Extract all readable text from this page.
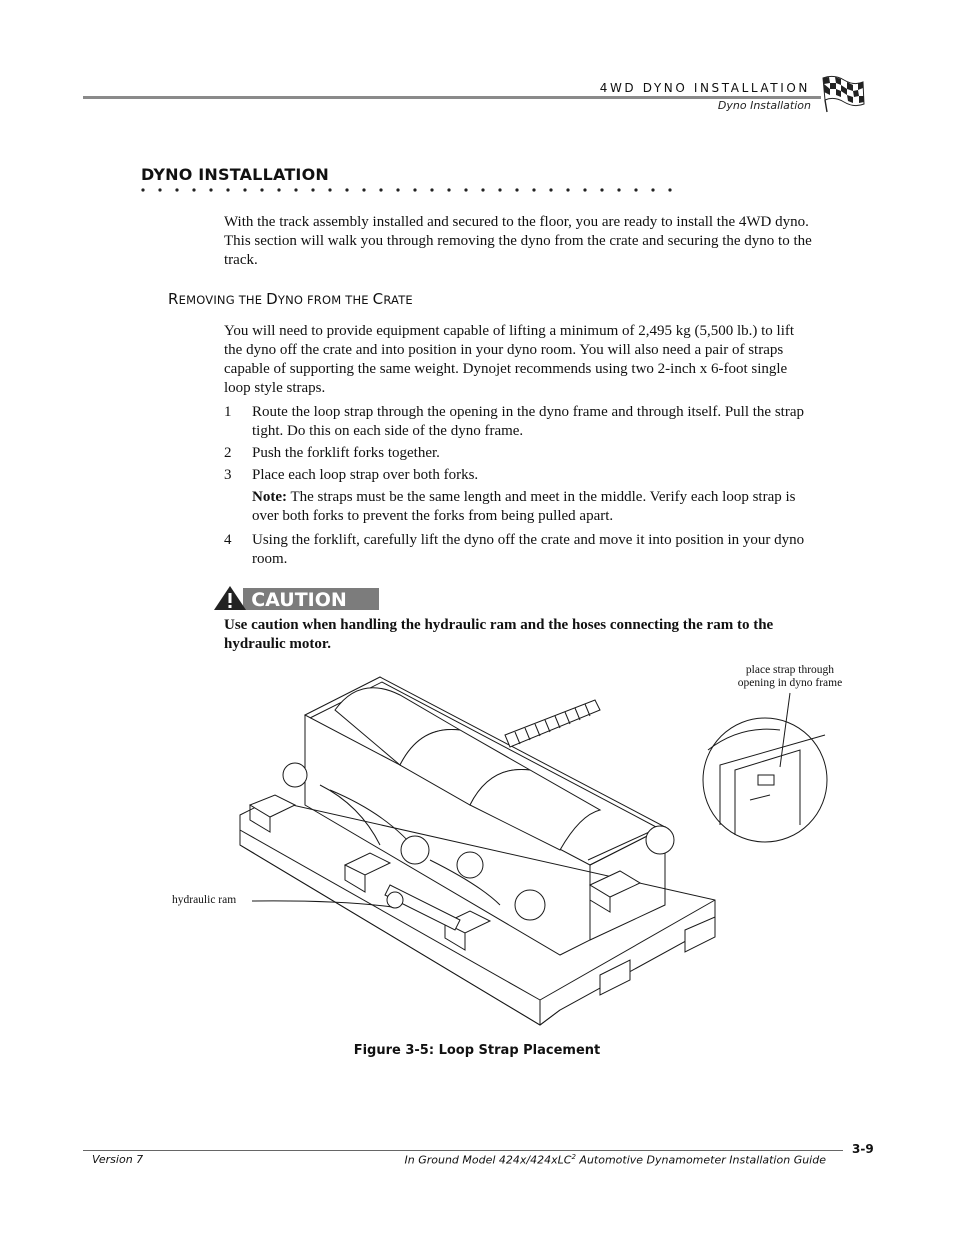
4WD DYNO INSTALLATION
Dyno Installation
DYNO INSTALLATION
With the track assembly installed and secured to the floor, you are ready to install the 4WD dyno. This section will walk you through removing the dyno from the crate and securing the dyno to the track.
REMOVING THE DYNO FROM THE CRATE
You will need to provide equipment capable of lifting a minimum of 2,495 kg (5,500 lb.) to lift the dyno off the crate and into position in your dyno room. You will also need a pair of straps capable of supporting the same weight. Dynojet recommends using two 2-inch x 6-foot single loop style straps.
1 Route the loop strap through the opening in the dyno frame and through itself. Pull the strap tight. Do this on each side of the dyno frame.
2 Push the forklift forks together.
3 Place each loop strap over both forks.
Note: The straps must be the same length and meet in the middle. Verify each loop strap is over both forks to prevent the forks from being pulled apart.
4 Using the forklift, carefully lift the dyno off the crate and move it into position in your dyno room.
CAUTION
Use caution when handling the hydraulic ram and the hoses connecting the ram to the hydraulic motor.
place strap through
opening in dyno frame
hydraulic ram
Figure 3-5: Loop Strap Placement
3-9
Version 7	In Ground Model 424x/424xLC$^2$ Automotive Dynamometer Installation Guide
